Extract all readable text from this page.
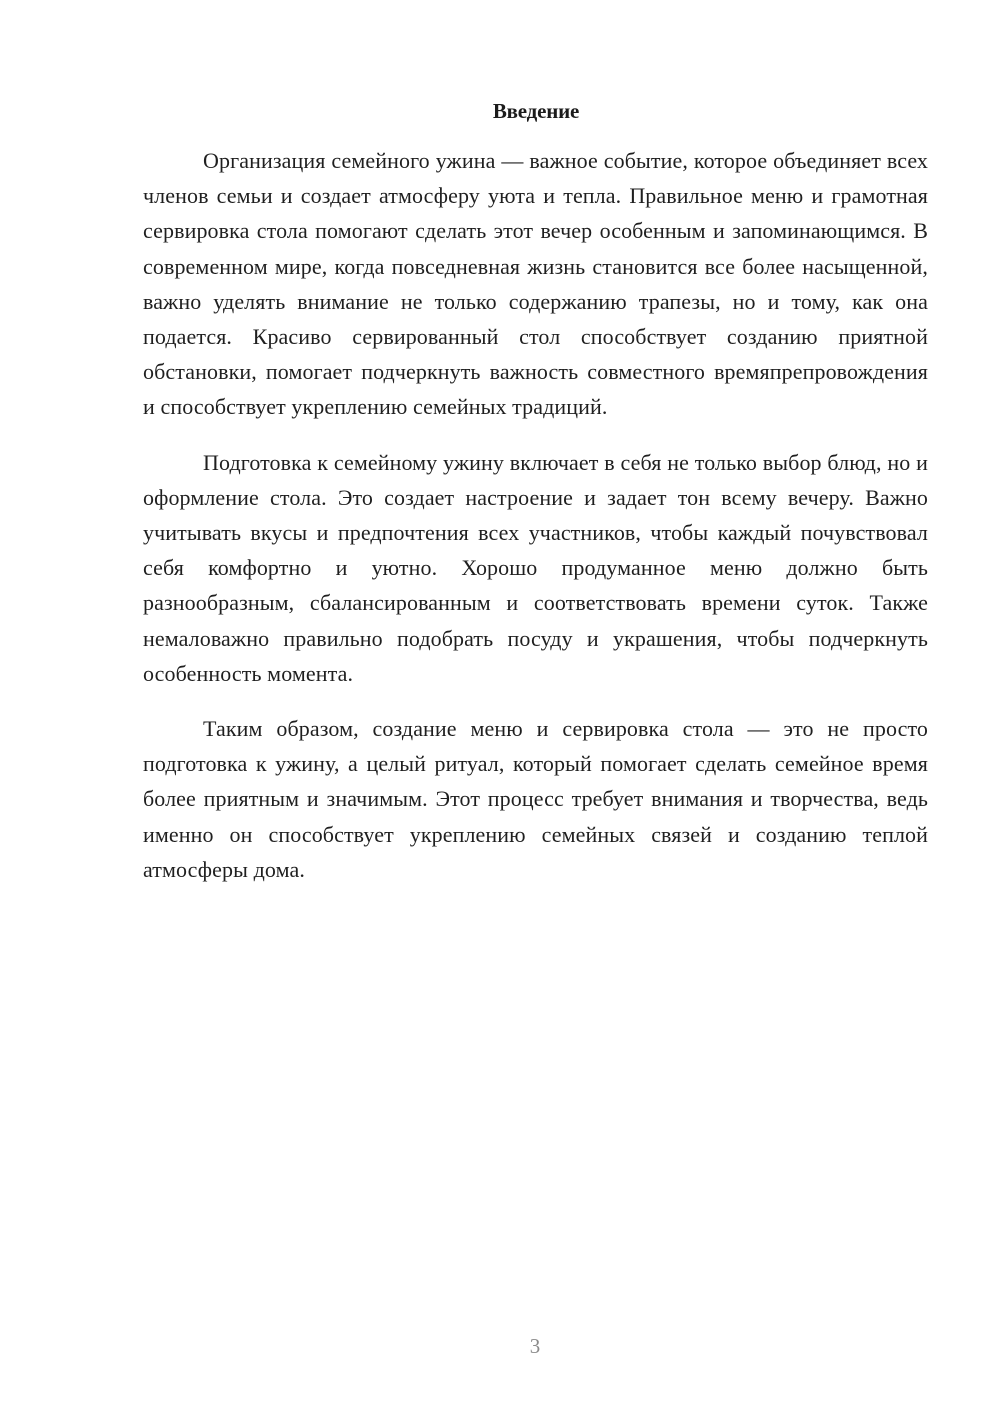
Введение

Организация семейного ужина — важное событие, которое объединяет всех членов семьи и создает атмосферу уюта и тепла. Правильное меню и грамотная сервировка стола помогают сделать этот вечер особенным и запоминающимся. В современном мире, когда повседневная жизнь становится все более насыщенной, важно уделять внимание не только содержанию трапезы, но и тому, как она подается. Красиво сервированный стол способствует созданию приятной обстановки, помогает подчеркнуть важность совместного времяпрепровождения и способствует укреплению семейных традиций.

Подготовка к семейному ужину включает в себя не только выбор блюд, но и оформление стола. Это создает настроение и задает тон всему вечеру. Важно учитывать вкусы и предпочтения всех участников, чтобы каждый почувствовал себя комфортно и уютно. Хорошо продуманное меню должно быть разнообразным, сбалансированным и соответствовать времени суток. Также немаловажно правильно подобрать посуду и украшения, чтобы подчеркнуть особенность момента.

Таким образом, создание меню и сервировка стола — это не просто подготовка к ужину, а целый ритуал, который помогает сделать семейное время более приятным и значимым. Этот процесс требует внимания и творчества, ведь именно он способствует укреплению семейных связей и созданию теплой атмосферы дома.

3
